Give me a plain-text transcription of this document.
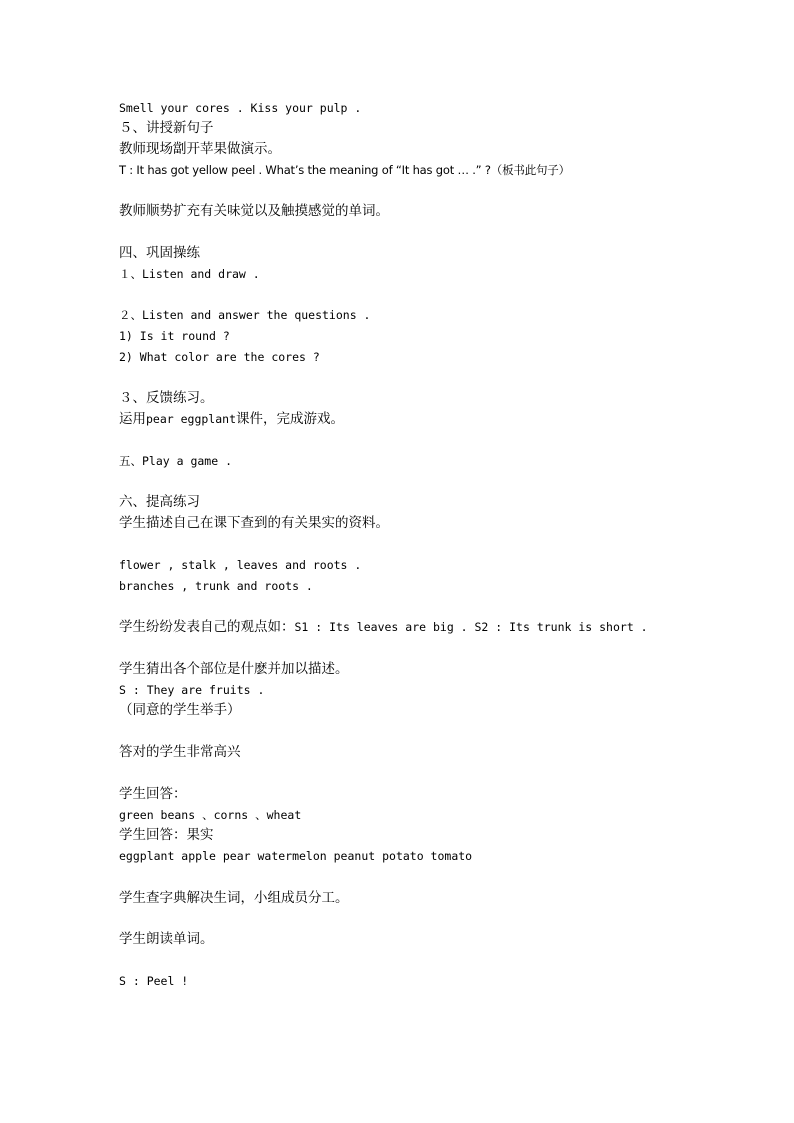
Smell your cores . Kiss your pulp .
５、讲授新句子
教师现场劏开苹果做演示。
T : It has got yellow peel . What’s the meaning of “It has got … .” ?（板书此句子）
教师顺势扩充有关味觉以及触摸感觉的单词。
四、巩固操练
１、Listen and draw .
２、Listen and answer the questions .
1) Is it round ?
2) What color are the cores ?
３、反馈练习。
运用pear eggplant课件，完成游戏。
五、Play a game .
六、提高练习
学生描述自己在课下查到的有关果实的资料。
flower , stalk , leaves and roots .
branches , trunk and roots .
学生纷纷发表自己的观点如：S1 : Its leaves are big . S2 : Its trunk is short .
学生猜出各个部位是什麽并加以描述。
S : They are fruits .
（同意的学生举手）
答对的学生非常高兴
学生回答：
green beans 、corns 、wheat
学生回答：果实
eggplant apple pear watermelon peanut potato tomato
学生查字典解决生词，小组成员分工。
学生朗读单词。
S : Peel !
